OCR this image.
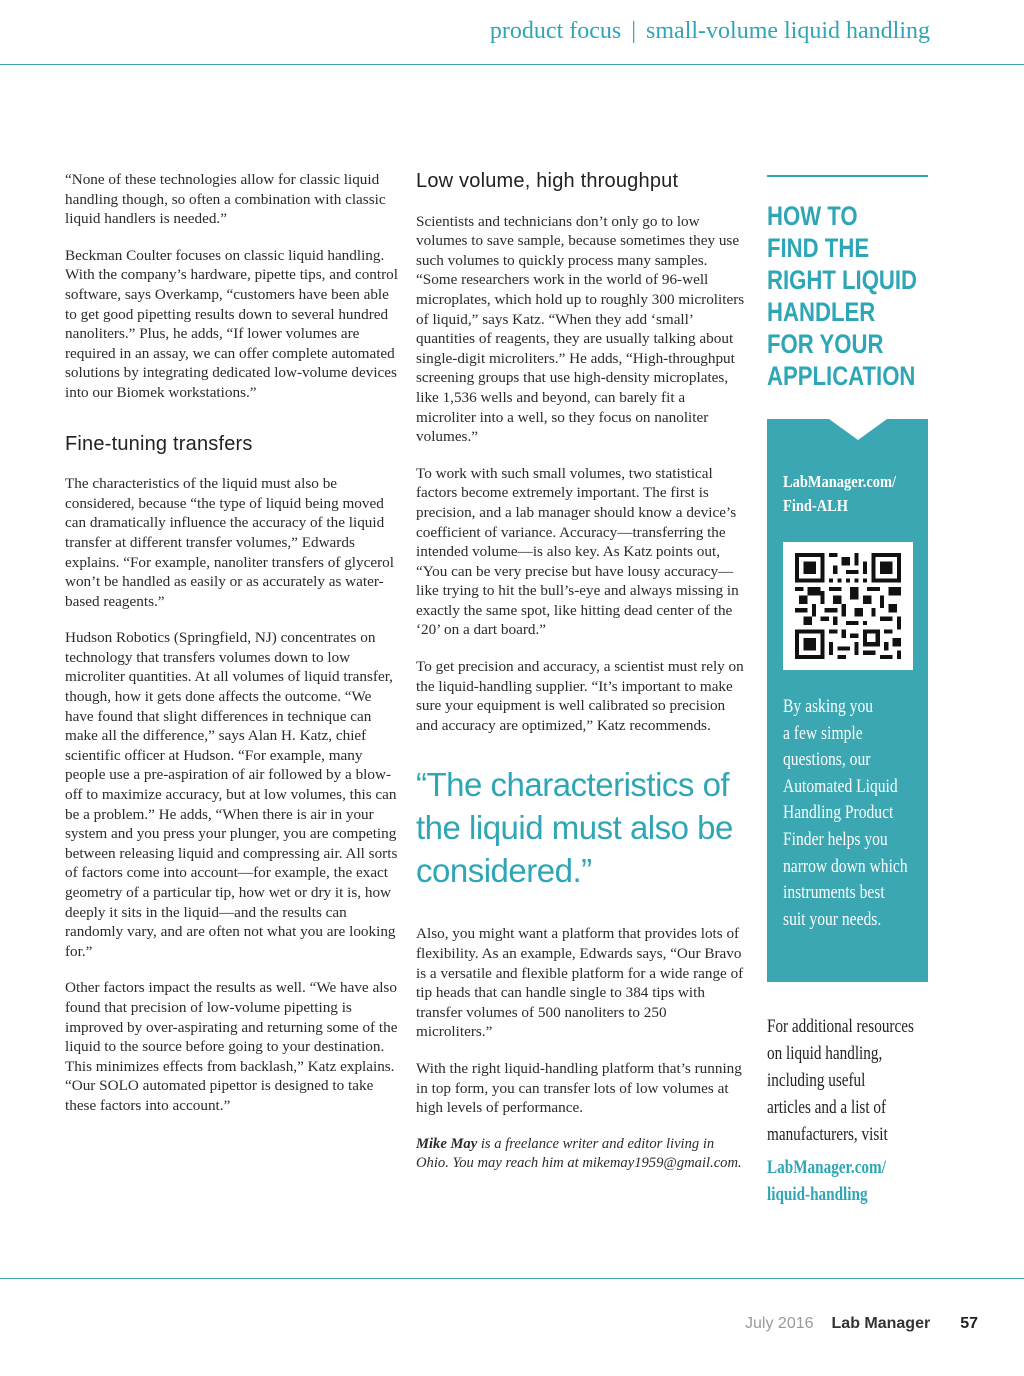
product focus | small-volume liquid handling

“None of these technologies allow for classic liquid handling though, so often a combination with classic liquid handlers is needed.”

Beckman Coulter focuses on classic liquid handling. With the company’s hardware, pipette tips, and control software, says Overkamp, “customers have been able to get good pipetting results down to several hundred nanoliters.” Plus, he adds, “If lower volumes are required in an assay, we can offer complete automated solutions by integrating dedicated low-volume devices into our Biomek workstations.”

Fine-tuning transfers

The characteristics of the liquid must also be considered, because “the type of liquid being moved can dramatically influence the accuracy of the liquid transfer at different transfer volumes,” Edwards explains. “For example, nanoliter transfers of glycerol won’t be handled as easily or as accurately as water-based reagents.”

Hudson Robotics (Springfield, NJ) concentrates on technology that transfers volumes down to low microliter quantities. At all volumes of liquid transfer, though, how it gets done affects the outcome. “We have found that slight differences in technique can make all the difference,” says Alan H. Katz, chief scientific officer at Hudson. “For example, many people use a pre-aspiration of air followed by a blow-off to maximize accuracy, but at low volumes, this can be a problem.” He adds, “When there is air in your system and you press your plunger, you are competing between releasing liquid and compressing air. All sorts of factors come into account—for example, the exact geometry of a particular tip, how wet or dry it is, how deeply it sits in the liquid—and the results can randomly vary, and are often not what you are looking for.”

Other factors impact the results as well. “We have also found that precision of low-volume pipetting is improved by over-aspirating and returning some of the liquid to the source before going to your destination. This minimizes effects from backlash,” Katz explains. “Our SOLO automated pipettor is designed to take these factors into account.”

Low volume, high throughput

Scientists and technicians don’t only go to low volumes to save sample, because sometimes they use such volumes to quickly process many samples. “Some researchers work in the world of 96-well microplates, which hold up to roughly 300 microliters of liquid,” says Katz. “When they add ‘small’ quantities of reagents, they are usually talking about single-digit microliters.” He adds, “High-throughput screening groups that use high-density microplates, like 1,536 wells and beyond, can barely fit a microliter into a well, so they focus on nanoliter volumes.”

To work with such small volumes, two statistical factors become extremely important. The first is precision, and a lab manager should know a device’s coefficient of variance. Accuracy—transferring the intended volume—is also key. As Katz points out, “You can be very precise but have lousy accuracy—like trying to hit the bull’s-eye and always missing in exactly the same spot, like hitting dead center of the ‘20’ on a dart board.”

To get precision and accuracy, a scientist must rely on the liquid-handling supplier. “It’s important to make sure your equipment is well calibrated so precision and accuracy are optimized,” Katz recommends.

“The characteristics of the liquid must also be considered.”

Also, you might want a platform that provides lots of flexibility. As an example, Edwards says, “Our Bravo is a versatile and flexible platform for a wide range of tip heads that can handle single to 384 tips with transfer volumes of 500 nanoliters to 250 microliters.”

With the right liquid-handling platform that’s running in top form, you can transfer lots of low volumes at high levels of performance.

Mike May is a freelance writer and editor living in Ohio. You may reach him at mikemay1959@gmail.com.

HOW TO
FIND THE
RIGHT LIQUID
HANDLER
FOR YOUR
APPLICATION
LabManager.com/
Find-ALH
By asking you
a few simple
questions, our
Automated Liquid
Handling Product
Finder helps you
narrow down which
instruments best
suit your needs.
For additional resources
on liquid handling,
including useful
articles and a list of
manufacturers, visit
LabManager.com/
liquid-handling
July 2016 Lab Manager 57
